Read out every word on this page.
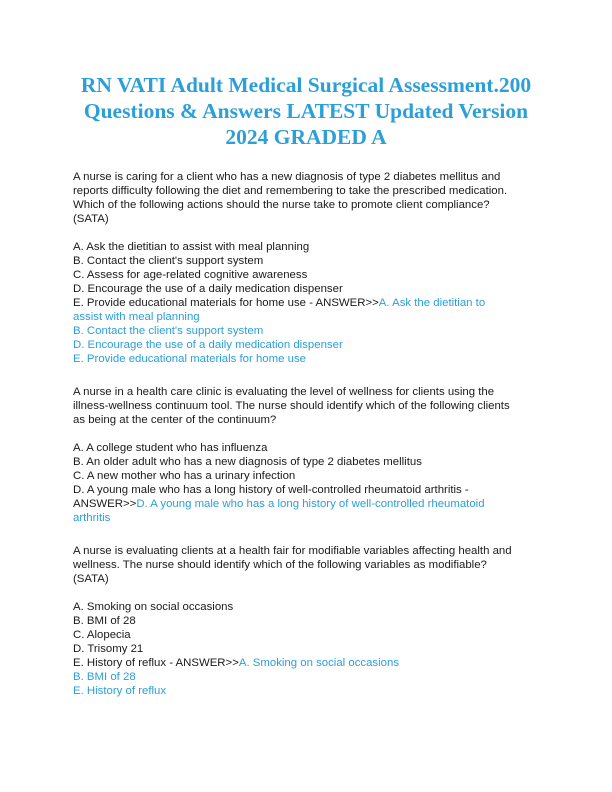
RN VATI Adult Medical Surgical Assessment.200
Questions & Answers LATEST Updated Version
2024 GRADED A

A nurse is caring for a client who has a new diagnosis of type 2 diabetes mellitus and
reports difficulty following the diet and remembering to take the prescribed medication.
Which of the following actions should the nurse take to promote client compliance?
(SATA)

A. Ask the dietitian to assist with meal planning

B. Contact the client's support system

C. Assess for age-related cognitive awareness

D. Encourage the use of a daily medication dispenser

E. Provide educational materials for home use - ANSWER>>A. Ask the dietitian to

assist with meal planning

B. Contact the client's support system

D. Encourage the use of a daily medication dispenser

E. Provide educational materials for home use

A nurse in a health care clinic is evaluating the level of wellness for clients using the
illness-wellness continuum tool. The nurse should identify which of the following clients
as being at the center of the continuum?

A. A college student who has influenza

B. An older adult who has a new diagnosis of type 2 diabetes mellitus

C. A new mother who has a urinary infection

D. A young male who has a long history of well-controlled rheumatoid arthritis -

ANSWER>>D. A young male who has a long history of well-controlled rheumatoid

arthritis

A nurse is evaluating clients at a health fair for modifiable variables affecting health and
wellness. The nurse should identify which of the following variables as modifiable?
(SATA)

A. Smoking on social occasions

B. BMI of 28

C. Alopecia

D. Trisomy 21

E. History of reflux - ANSWER>>A. Smoking on social occasions

B. BMI of 28

E. History of reflux
